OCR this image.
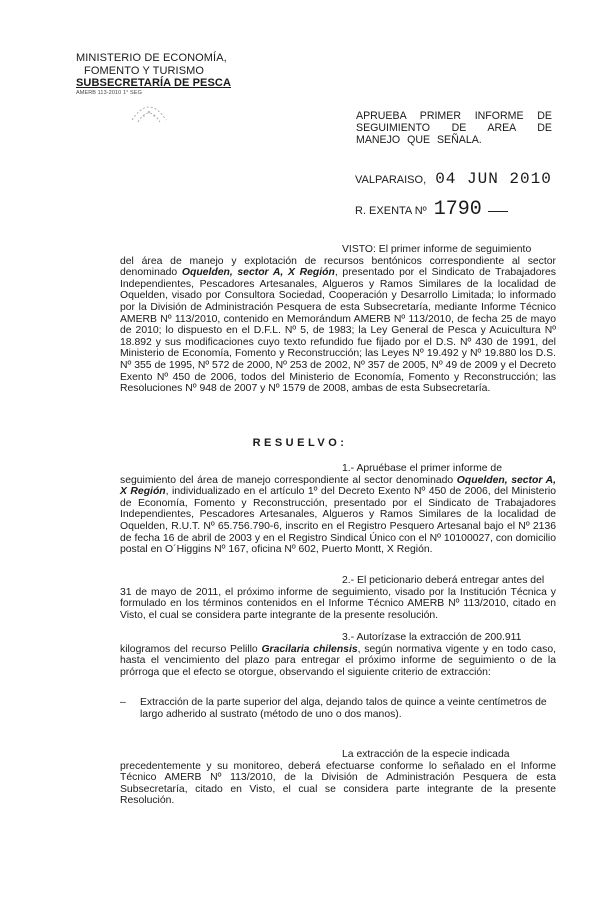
MINISTERIO DE ECONOMÍA,
FOMENTO Y TURISMO
SUBSECRETARÍA DE PESCA
AMERB 113-2010 1° SEG
APRUEBA PRIMER INFORME DE SEGUIMIENTO DE AREA DE MANEJO QUE SEÑALA.
VALPARAISO, 04 JUN 2010
R. EXENTA Nº 1790
VISTO: El primer informe de seguimiento
del área de manejo y explotación de recursos bentónicos correspondiente al sector denominado Oquelden, sector A, X Región, presentado por el Sindicato de Trabajadores Independientes, Pescadores Artesanales, Algueros y Ramos Similares de la localidad de Oquelden, visado por Consultora Sociedad, Cooperación y Desarrollo Limitada; lo informado por la División de Administración Pesquera de esta Subsecretaría, mediante Informe Técnico AMERB Nº 113/2010, contenido en Memorándum AMERB Nº 113/2010, de fecha 25 de mayo de 2010; lo dispuesto en el D.F.L. Nº 5, de 1983; la Ley General de Pesca y Acuicultura Nº 18.892 y sus modificaciones cuyo texto refundido fue fijado por el D.S. Nº 430 de 1991, del Ministerio de Economía, Fomento y Reconstrucción; las Leyes Nº 19.492 y Nº 19.880 los D.S. Nº 355 de 1995, Nº 572 de 2000, Nº 253 de 2002, Nº 357 de 2005, Nº 49 de 2009 y el Decreto Exento Nº 450 de 2006, todos del Ministerio de Economía, Fomento y Reconstrucción; las Resoluciones Nº 948 de 2007 y Nº 1579 de 2008, ambas de esta Subsecretaría.
RESUELVO:
1.- Apruébase el primer informe de
seguimiento del área de manejo correspondiente al sector denominado Oquelden, sector A, X Región, individualizado en el artículo 1º del Decreto Exento Nº 450 de 2006, del Ministerio de Economía, Fomento y Reconstrucción, presentado por el Sindicato de Trabajadores Independientes, Pescadores Artesanales, Algueros y Ramos Similares de la localidad de Oquelden, R.U.T. Nº 65.756.790-6, inscrito en el Registro Pesquero Artesanal bajo el Nº 2136 de fecha 16 de abril de 2003 y en el Registro Sindical Único con el Nº 10100027, con domicilio postal en O´Higgins Nº 167, oficina Nº 602, Puerto Montt, X Región.
2.- El peticionario deberá entregar antes del
31 de mayo de 2011, el próximo informe de seguimiento, visado por la Institución Técnica y formulado en los términos contenidos en el Informe Técnico AMERB Nº 113/2010, citado en Visto, el cual se considera parte integrante de la presente resolución.
3.- Autorízase la extracción de 200.911
kilogramos del recurso Pelillo Gracilaria chilensis, según normativa vigente y en todo caso, hasta el vencimiento del plazo para entregar el próximo informe de seguimiento o de la prórroga que el efecto se otorgue, observando el siguiente criterio de extracción:
– Extracción de la parte superior del alga, dejando talos de quince a veinte centímetros de largo adherido al sustrato (método de uno o dos manos).
La extracción de la especie indicada
precedentemente y su monitoreo, deberá efectuarse conforme lo señalado en el Informe Técnico AMERB Nº 113/2010, de la División de Administración Pesquera de esta Subsecretaría, citado en Visto, el cual se considera parte integrante de la presente Resolución.
